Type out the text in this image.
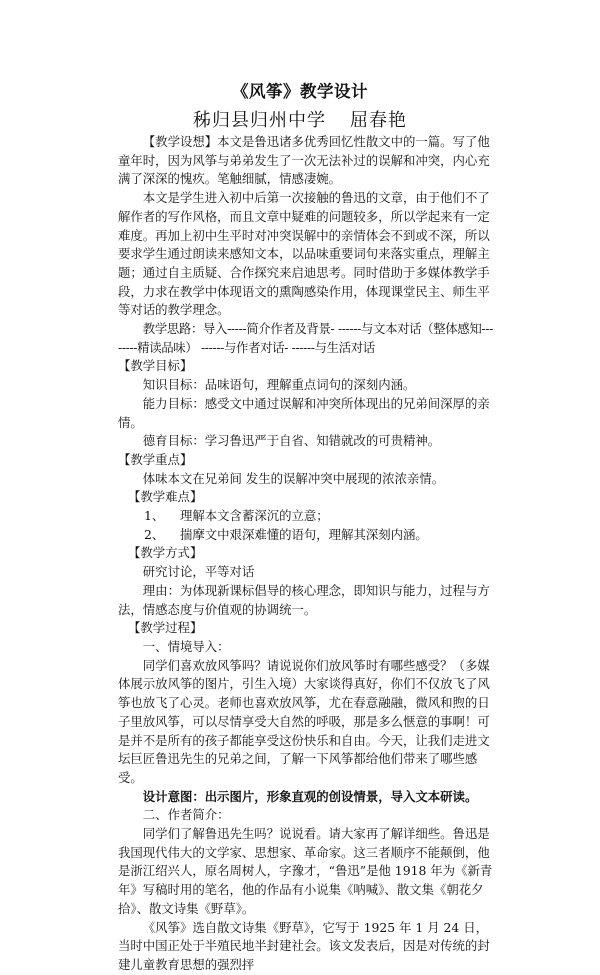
《风筝》教学设计
秭归县归州中学 屈春艳

【教学设想】本文是鲁迅诸多优秀回忆性散文中的一篇。写了他童年时，因为风筝与弟弟发生了一次无法补过的误解和冲突，内心充满了深深的愧疚。笔触细腻，情感凄婉。

本文是学生进入初中后第一次接触的鲁迅的文章，由于他们不了解作者的写作风格，而且文章中疑难的问题较多，所以学起来有一定难度。再加上初中生平时对冲突误解中的亲情体会不到或不深，所以要求学生通过朗读来感知文本，以品味重要词句来落实重点，理解主题；通过自主质疑、合作探究来启迪思考。同时借助于多媒体教学手段，力求在教学中体现语文的熏陶感染作用，体现课堂民主、师生平等对话的教学理念。

教学思路：导入-----简介作者及背景- ------与文本对话（整体感知--------精读品味） ------与作者对话- ------与生活对话

【教学目标】

知识目标：品味语句，理解重点词句的深刻内涵。

能力目标：感受文中通过误解和冲突所体现出的兄弟间深厚的亲情。

德育目标：学习鲁迅严于自省、知错就改的可贵精神。

【教学重点】

体味本文在兄弟间 发生的误解冲突中展现的浓浓亲情。

【教学难点】

1、 理解本文含蓄深沉的立意；

2、 揣摩文中艰深难懂的语句，理解其深刻内涵。

【教学方式】

研究讨论，平等对话

理由：为体现新课标倡导的核心理念，即知识与能力，过程与方法，情感态度与价值观的协调统一。

【教学过程】

一、情境导入：

同学们喜欢放风筝吗？请说说你们放风筝时有哪些感受？（多媒体展示放风筝的图片，引生入境）大家谈得真好，你们不仅放飞了风筝也放飞了心灵。老师也喜欢放风筝，尤在春意融融，微风和煦的日子里放风筝，可以尽情享受大自然的呼吸，那是多么惬意的事啊！可是并不是所有的孩子都能享受这份快乐和自由。今天，让我们走进文坛巨匠鲁迅先生的兄弟之间，了解一下风筝都给他们带来了哪些感受。

设计意图：出示图片，形象直观的创设情景，导入文本研读。

二、作者简介：

同学们了解鲁迅先生吗？说说看。请大家再了解详细些。鲁迅是我国现代伟大的文学家、思想家、革命家。这三者顺序不能颠倒，他是浙江绍兴人，原名周树人，字豫才，“鲁迅”是他 1918 年为《新青年》写稿时用的笔名，他的作品有小说集《呐喊》、散文集《朝花夕拾》、散文诗集《野草》。

《风筝》选自散文诗集《野草》，它写于 1925 年 1 月 24 日，当时中国正处于半殖民地半封建社会。该文发表后，因是对传统的封建儿童教育思想的强烈抨
